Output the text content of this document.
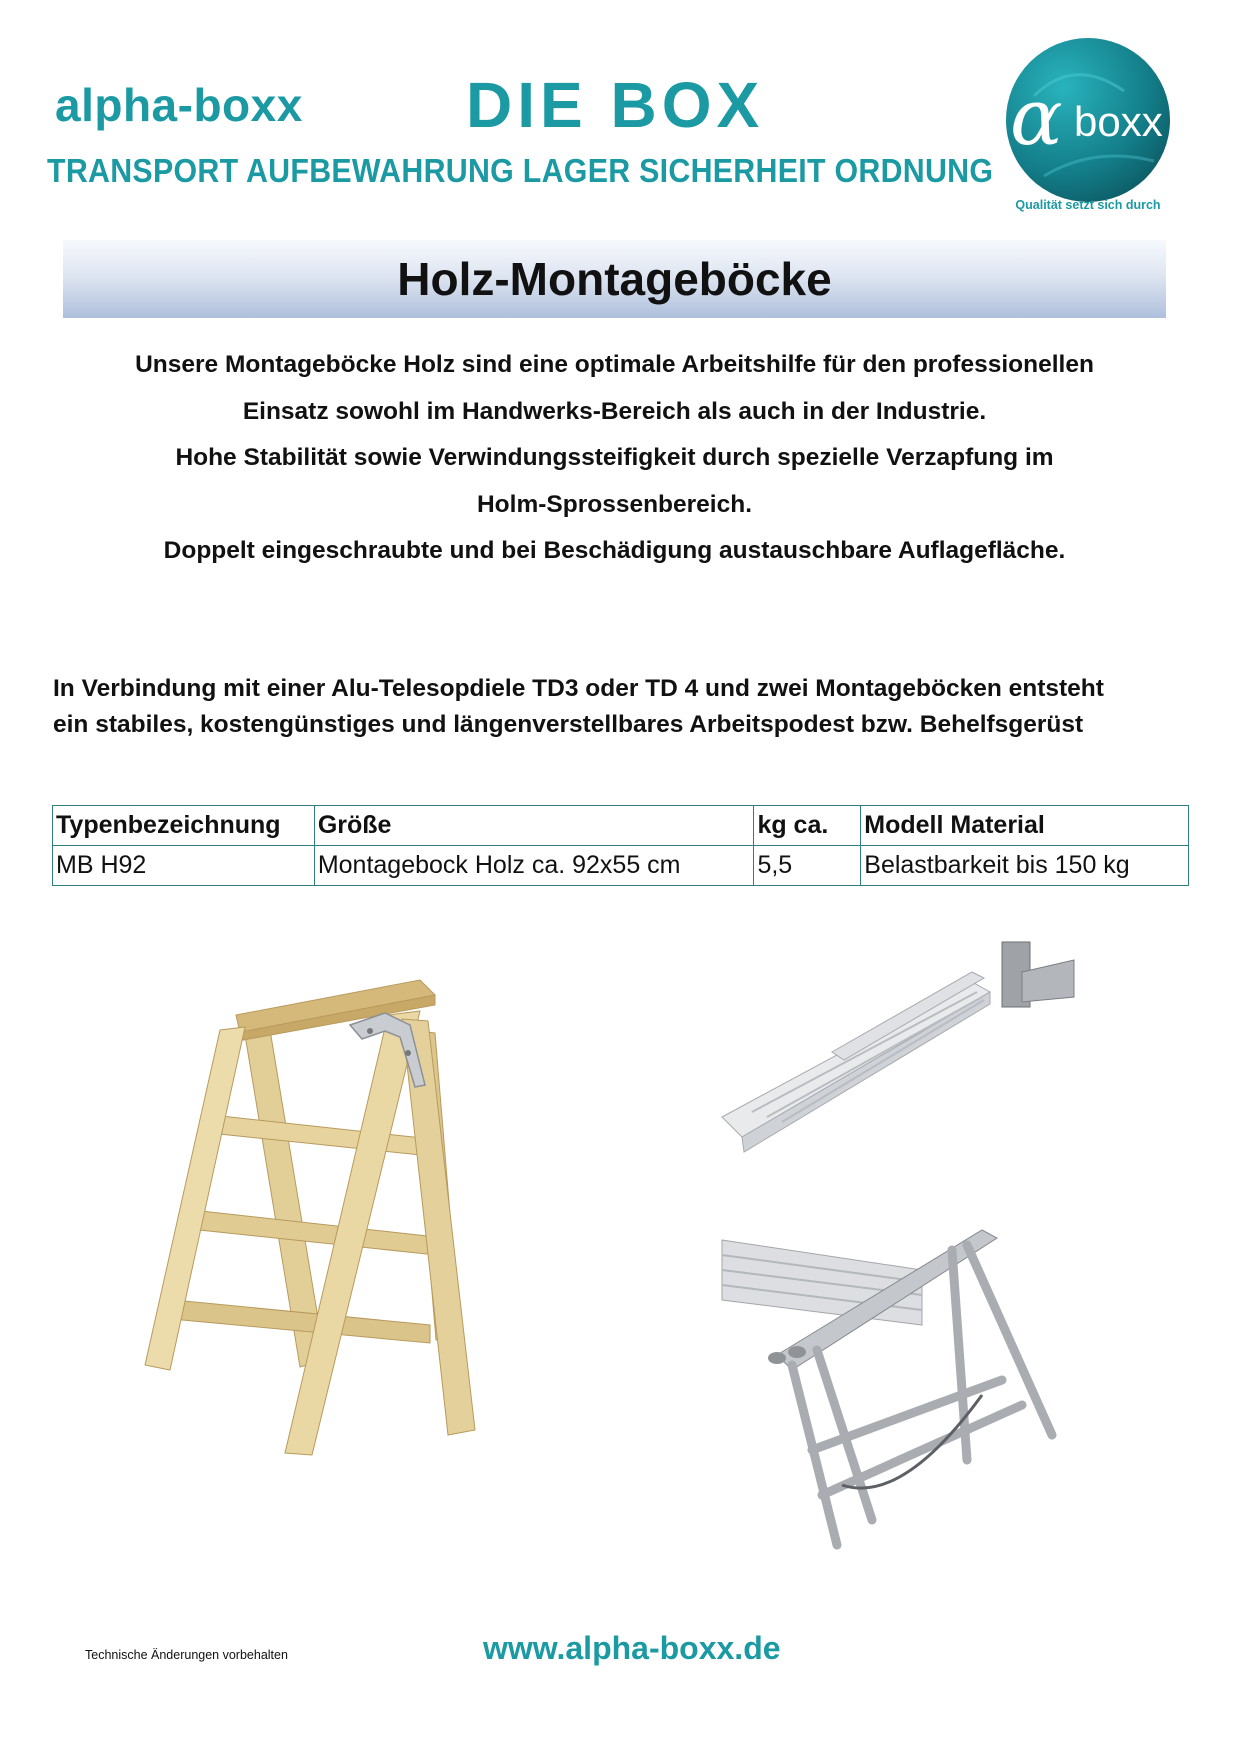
alpha-boxx	DIE BOX
TRANSPORT AUFBEWAHRUNG LAGER SICHERHEIT ORDNUNG
α boxx
Qualität setzt sich durch
Holz-Montageböcke
Unsere Montageböcke Holz sind eine optimale Arbeitshilfe für den professionellen
Einsatz sowohl im Handwerks-Bereich als auch in der Industrie.
Hohe Stabilität sowie Verwindungssteifigkeit durch spezielle Verzapfung im
Holm-Sprossenbereich.
Doppelt eingeschraubte und bei Beschädigung austauschbare Auflagefläche.
In Verbindung mit einer Alu-Telesopdiele TD3 oder TD 4 und zwei Montageböcken entsteht
ein stabiles, kostengünstiges und längenverstellbares Arbeitspodest bzw. Behelfsgerüst
Typenbezeichnung	Größe	kg ca.	Modell Material
MB H92	Montagebock Holz ca. 92x55 cm	5,5	Belastbarkeit bis 150 kg
Technische Änderungen vorbehalten	www.alpha-boxx.de
